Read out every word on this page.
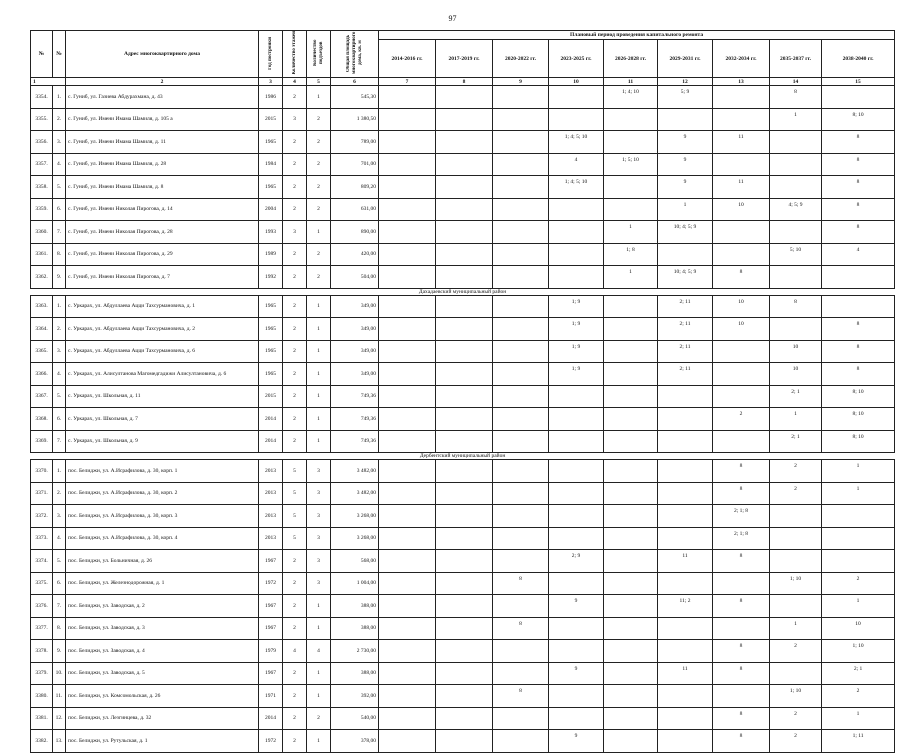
97
№	№	Адрес многоквартирного дома	Год постройки	Количество этажей	Количество подъездов	Общая площадь многоквартирного дома, кв. м	Плановый период проведения капитального ремонта								
							2014-2016 гг.	2017-2019 гг.	2020-2022 гг.	2023-2025 гг.	2026-2028 гг.	2029-2031 гг.	2032-2034 гг.	2035-2037 гг.	2038-2040 гг.
1		2	3	4	5	6	7	8	9	10	11	12	13	14	15
3354.	1.	с. Гуниб, ул. Газиева Абдурахмана, д. 43	1986	2	1	545,30					1; 4; 10	5; 9		8	
3355.	2.	с. Гуниб, ул. Имени Имама Шамиля, д. 105 а	2015	3	2	1 380,50								1	8; 10
3356.	3.	с. Гуниб, ул. Имени Имама Шамиля, д. 11	1965	2	2	789,00				1; 4; 5; 10		9	11		8
3357.	4.	с. Гуниб, ул. Имени Имама Шамиля, д. 28	1984	2	2	701,00				4	1; 5; 10	9			8
3358.	5.	с. Гуниб, ул. Имени Имама Шамиля, д. 8	1965	2	2	809,20				1; 4; 5; 10		9	11		8
3359.	6.	с. Гуниб, ул. Имени Николая Пирогова, д. 14	2004	2	2	631,00						1	10	4; 5; 9	8
3360.	7.	с. Гуниб, ул. Имени Николая Пирогова, д. 28	1993	3	1	890,00					1	10; 4; 5; 9			8
3361.	8.	с. Гуниб, ул. Имени Николая Пирогова, д. 29	1989	2	2	420,00					1; 8			5; 10	4
3362.	9.	с. Гуниб, ул. Имени Николая Пирогова, д. 7	1992	2	2	504,00					1	10; 4; 5; 9	8		
Дахадаевский муниципальный район															
3363.	1.	с. Уркарах, ул. Абдуллаева Ацци Тахсурмановича, д. 1	1965	2	1	349,00				1; 9		2; 11	10	8	
3364.	2.	с. Уркарах, ул. Абдуллаева Ацци Тахсурмановича, д. 2	1965	2	1	349,00				1; 9		2; 11	10		8
3365.	3.	с. Уркарах, ул. Абдуллаева Ацци Тахсурмановича, д. 6	1965	2	1	349,00				1; 9		2; 11		10	8
3366.	4.	с. Уркарах, ул. Алисултанова Магомедгадижи Алисултановича, д. 6	1965	2	1	349,00				1; 9		2; 11		10	8
3367.	5.	с. Уркарах, ул. Школьная, д. 11	2015	2	1	749,36								2; 1	8; 10
3368.	6.	с. Уркарах, ул. Школьная, д. 7	2014	2	1	749,36							2	1	8; 10
3369.	7.	с. Уркарах, ул. Школьная, д. 9	2014	2	1	749,36								2; 1	8; 10
Дербентский муниципальный район															
3370.	1.	пос. Белиджи, ул. А.Исрафилова, д. 30, корп. 1	2013	5	3	3 482,00							8	2	1
3371.	2.	пос. Белиджи, ул. А.Исрафилова, д. 30, корп. 2	2013	5	3	3 482,00							8	2	1
3372.	3.	пос. Белиджи, ул. А.Исрафилова, д. 30, корп. 3	2013	5	3	3 268,00							2; 1; 8		
3373.	4.	пос. Белиджи, ул. А.Исрафилова, д. 30, корп. 4	2013	5	3	3 268,00							2; 1; 8		
3374.	5.	пос. Белиджи, ул. Больничная, д. 26	1967	2	3	568,00				2; 9		11	8		
3375.	6.	пос. Белиджи, ул. Железнодорожная, д. 1	1972	2	3	1 004,00			8					1; 10	2
3376.	7.	пос. Белиджи, ул. Заводская, д. 2	1967	2	1	388,00				9		11; 2	8		1
3377.	8.	пос. Белиджи, ул. Заводская, д. 3	1967	2	1	388,00			8					1	10
3378.	9.	пос. Белиджи, ул. Заводская, д. 4	1979	4	4	2 730,00							8	2	1; 10
3379.	10.	пос. Белиджи, ул. Заводская, д. 5	1967	2	1	388,00				9		11	8		2; 1
3380.	11.	пос. Белиджи, ул. Комсомольская, д. 26	1971	2	1	392,00			8					1; 10	2
3381.	12.	пос. Белиджи, ул. Лезгинцева, д. 32	2014	2	2	540,00							8	2	1
3382.	13.	пос. Белиджи, ул. Рутульская, д. 1	1972	2	1	378,00				9			8	2	1; 11
